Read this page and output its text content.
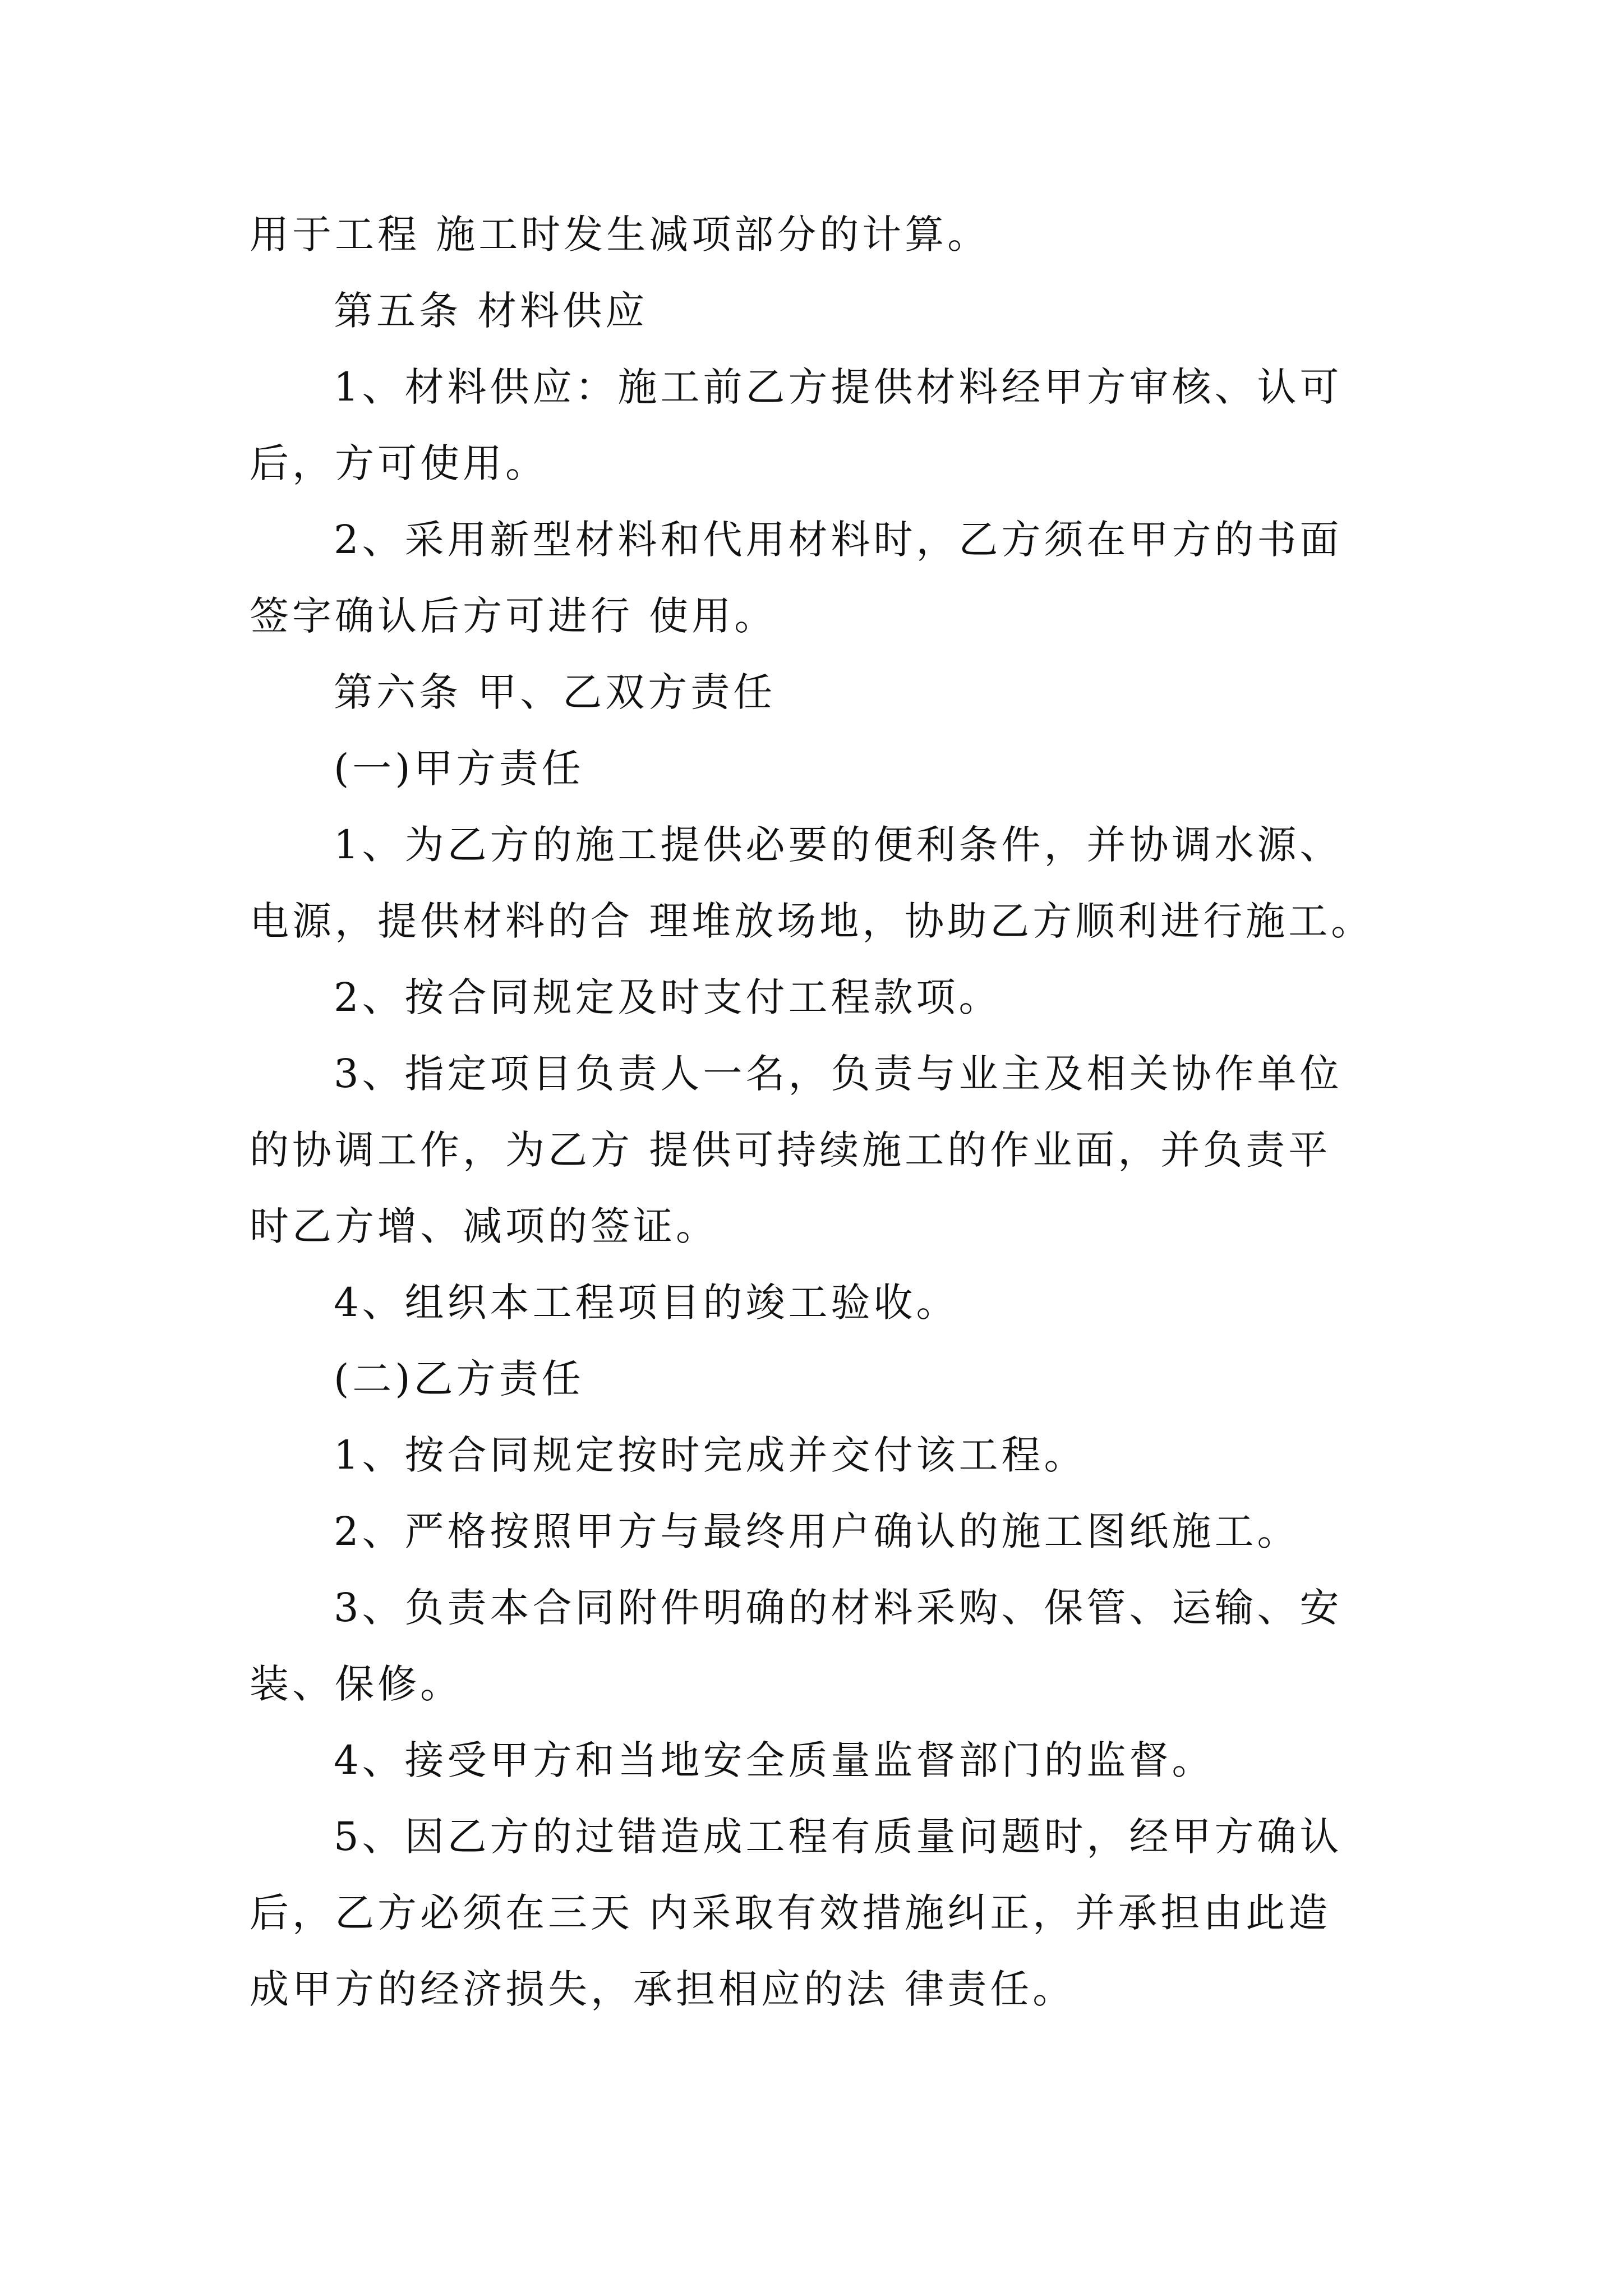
用于工程 施工时发生减项部分的计算。
第五条 材料供应
1、材料供应：施工前乙方提供材料经甲方审核、认可
后，方可使用。
2、采用新型材料和代用材料时，乙方须在甲方的书面
签字确认后方可进行 使用。
第六条 甲、乙双方责任
(一)甲方责任
1、为乙方的施工提供必要的便利条件，并协调水源、
电源，提供材料的合 理堆放场地，协助乙方顺利进行施工。
2、按合同规定及时支付工程款项。
3、指定项目负责人一名，负责与业主及相关协作单位
的协调工作，为乙方 提供可持续施工的作业面，并负责平
时乙方增、减项的签证。
4、组织本工程项目的竣工验收。
(二)乙方责任
1、按合同规定按时完成并交付该工程。
2、严格按照甲方与最终用户确认的施工图纸施工。
3、负责本合同附件明确的材料采购、保管、运输、安
装、保修。
4、接受甲方和当地安全质量监督部门的监督。
5、因乙方的过错造成工程有质量问题时，经甲方确认
后，乙方必须在三天 内采取有效措施纠正，并承担由此造
成甲方的经济损失，承担相应的法 律责任。
